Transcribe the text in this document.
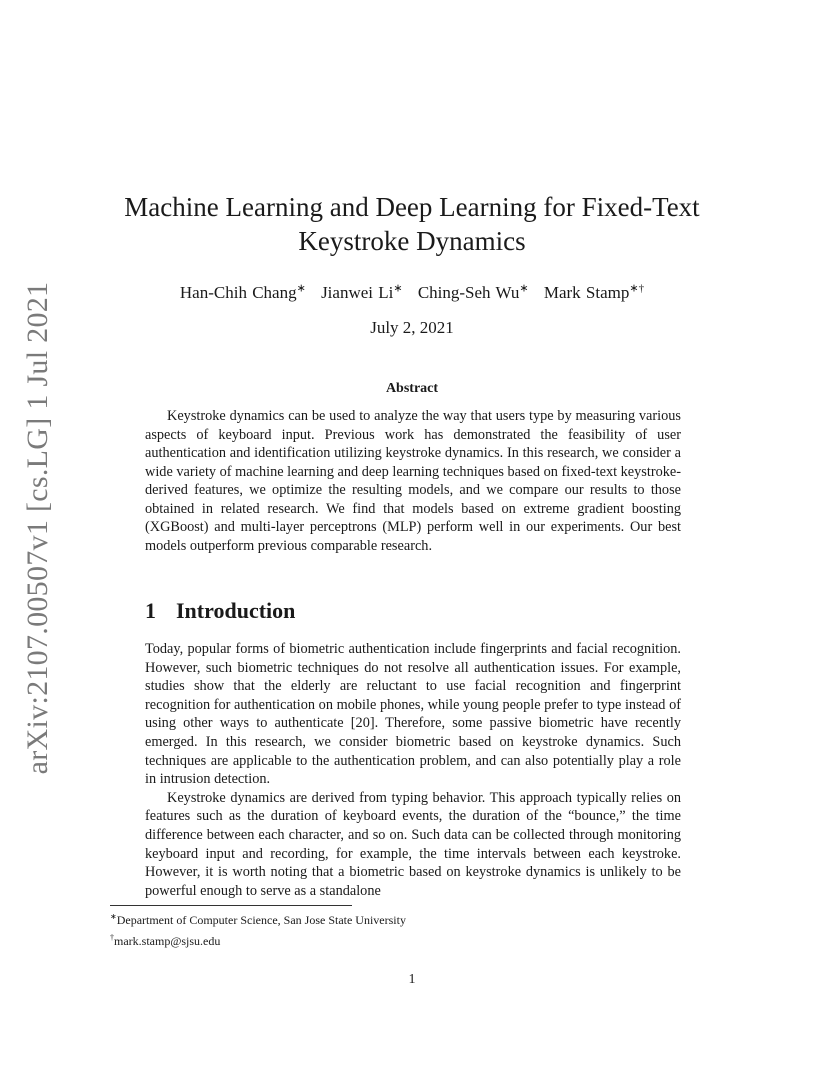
arXiv:2107.00507v1 [cs.LG] 1 Jul 2021
Machine Learning and Deep Learning for Fixed-Text
Keystroke Dynamics
Han-Chih Chang∗ Jianwei Li∗ Ching-Seh Wu∗ Mark Stamp∗†
July 2, 2021
Abstract

Keystroke dynamics can be used to analyze the way that users type by measuring various aspects of keyboard input. Previous work has demonstrated the feasibility of user authentication and identification utilizing keystroke dynamics. In this research, we consider a wide variety of machine learning and deep learning techniques based on fixed-text keystroke-derived features, we optimize the resulting models, and we compare our results to those obtained in related research. We find that models based on extreme gradient boosting (XGBoost) and multi-layer perceptrons (MLP) perform well in our experiments. Our best models outperform previous comparable research.

1 Introduction

Today, popular forms of biometric authentication include fingerprints and facial recognition. However, such biometric techniques do not resolve all authentication issues. For example, studies show that the elderly are reluctant to use facial recognition and fingerprint recognition for authentication on mobile phones, while young people prefer to type instead of using other ways to authenticate [20]. Therefore, some passive biometric have recently emerged. In this research, we consider biometric based on keystroke dynamics. Such techniques are applicable to the authentication problem, and can also potentially play a role in intrusion detection.

Keystroke dynamics are derived from typing behavior. This approach typically relies on features such as the duration of keyboard events, the duration of the “bounce,” the time difference between each character, and so on. Such data can be collected through monitoring keyboard input and recording, for example, the time intervals between each keystroke. However, it is worth noting that a biometric based on keystroke dynamics is unlikely to be powerful enough to serve as a standalone

∗Department of Computer Science, San Jose State University
†mark.stamp@sjsu.edu
1
